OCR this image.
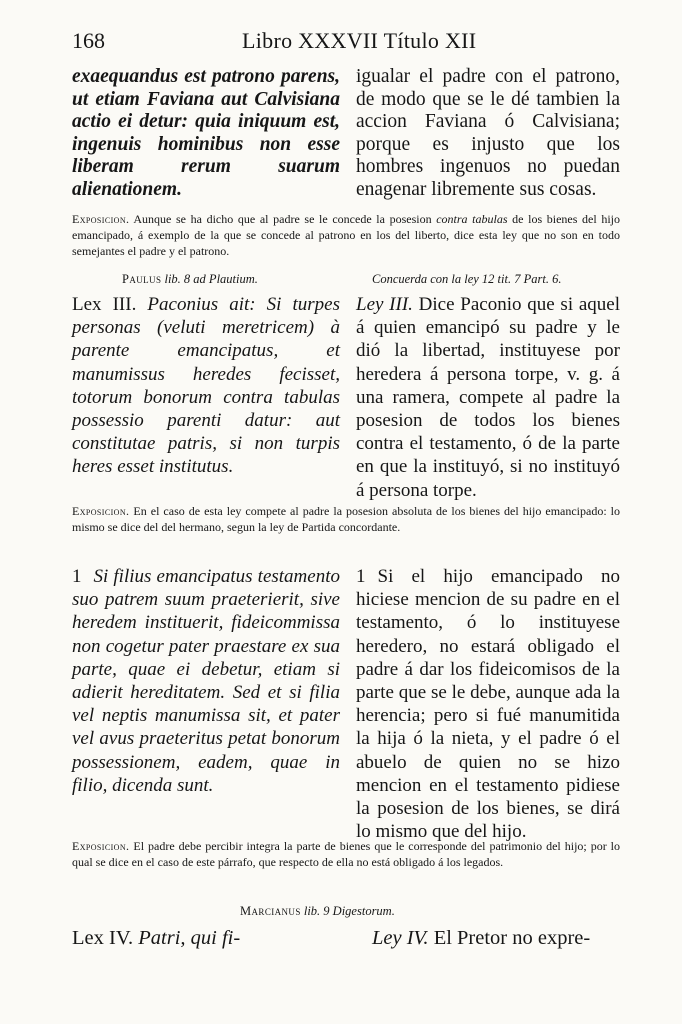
168	Libro XXXVII Título XII

exaequandus est patrono parens, ut etiam Faviana aut Calvisiana actio ei detur: quia iniquum est, ingenuis hominibus non esse liberam rerum suarum alienationem.

igualar el padre con el patrono, de modo que se le dé tambien la accion Faviana ó Calvisiana; porque es injusto que los hombres ingenuos no puedan enagenar libremente sus cosas.

Exposicion. Aunque se ha dicho que al padre se le concede la posesion contra tabulas de los bienes del hijo emancipado, á exemplo de la que se concede al patrono en los del liberto, dice esta ley que no son en todo semejantes el padre y el patrono.

Paulus lib. 8 ad Plautium.	Concuerda con la ley 12 tit. 7 Part. 6.

Lex III. Paconius ait: Si turpes personas (veluti meretricem) à parente emancipatus, et manumissus heredes fecisset, totorum bonorum contra tabulas possessio parenti datur: aut constitutae patris, si non turpis heres esset institutus.

Ley III. Dice Paconio que si aquel á quien emancipó su padre y le dió la libertad, instituyese por heredera á persona torpe, v. g. á una ramera, compete al padre la posesion de todos los bienes contra el testamento, ó de la parte en que la instituyó, si no instituyó á persona torpe.

Exposicion. En el caso de esta ley compete al padre la posesion absoluta de los bienes del hijo emancipado: lo mismo se dice del del hermano, segun la ley de Partida concordante.

1 Si filius emancipatus testamento suo patrem suum praeterierit, sive heredem instituerit, fideicommissa non cogetur pater praestare ex sua parte, quae ei debetur, etiam si adierit hereditatem. Sed et si filia vel neptis manumissa sit, et pater vel avus praeteritus petat bonorum possessionem, eadem, quae in filio, dicenda sunt.

1 Si el hijo emancipado no hiciese mencion de su padre en el testamento, ó lo instituyese heredero, no estará obligado el padre á dar los fideicomisos de la parte que se le debe, aunque ada la herencia; pero si fué manumitida la hija ó la nieta, y el padre ó el abuelo de quien no se hizo mencion en el testamento pidiese la posesion de los bienes, se dirá lo mismo que del hijo.

Exposicion. El padre debe percibir integra la parte de bienes que le corresponde del patrimonio del hijo; por lo qual se dice en el caso de este párrafo, que respecto de ella no está obligado á los legados.

Marcianus lib. 9 Digestorum.

Lex IV. Patri, qui fi-	Ley IV. El Pretor no expre-
